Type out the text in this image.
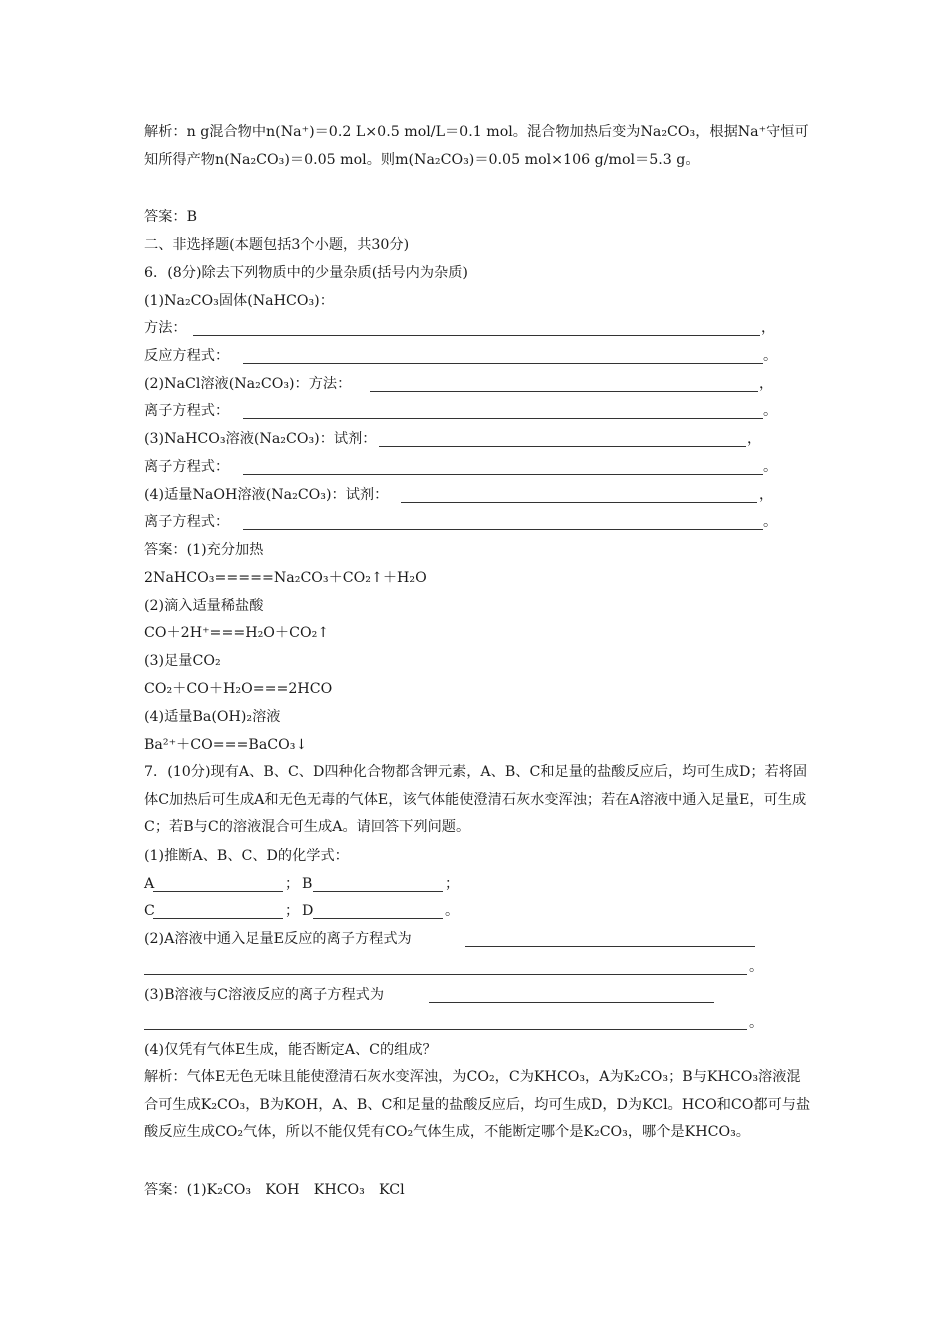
解析：n g混合物中n(Na⁺)＝0.2 L×0.5 mol/L＝0.1 mol。混合物加热后变为Na₂CO₃，根据Na⁺守恒可知所得产物n(Na₂CO₃)＝0.05 mol。则m(Na₂CO₃)＝0.05 mol×106 g/mol＝5.3 g。
答案：B
二、非选择题(本题包括3个小题，共30分)
6．(8分)除去下列物质中的少量杂质(括号内为杂质)
(1)Na₂CO₃固体(NaHCO₃)：
方法：	，
反应方程式：	。
(2)NaCl溶液(Na₂CO₃)：方法：	，
离子方程式：	。
(3)NaHCO₃溶液(Na₂CO₃)：试剂：	，
离子方程式：	。
(4)适量NaOH溶液(Na₂CO₃)：试剂：	，
离子方程式：	。
答案：(1)充分加热
2NaHCO₃=====Na₂CO₃＋CO₂↑＋H₂O
(2)滴入适量稀盐酸
CO＋2H⁺===H₂O＋CO₂↑
(3)足量CO₂
CO₂＋CO＋H₂O===2HCO
(4)适量Ba(OH)₂溶液
Ba²⁺＋CO===BaCO₃↓
7．(10分)现有A、B、C、D四种化合物都含钾元素，A、B、C和足量的盐酸反应后，均可生成D；若将固体C加热后可生成A和无色无毒的气体E，该气体能使澄清石灰水变浑浊；若在A溶液中通入足量E，可生成C；若B与C的溶液混合可生成A。请回答下列问题。
(1)推断A、B、C、D的化学式：
A	； B	；
C	； D	。
(2)A溶液中通入足量E反应的离子方程式为
。
(3)B溶液与C溶液反应的离子方程式为
。
(4)仅凭有气体E生成，能否断定A、C的组成？
解析：气体E无色无味且能使澄清石灰水变浑浊，为CO₂，C为KHCO₃，A为K₂CO₃；B与KHCO₃溶液混合可生成K₂CO₃，B为KOH，A、B、C和足量的盐酸反应后，均可生成D，D为KCl。HCO和CO都可与盐酸反应生成CO₂气体，所以不能仅凭有CO₂气体生成，不能断定哪个是K₂CO₃，哪个是KHCO₃。
答案：(1)K₂CO₃　KOH　KHCO₃　KCl
